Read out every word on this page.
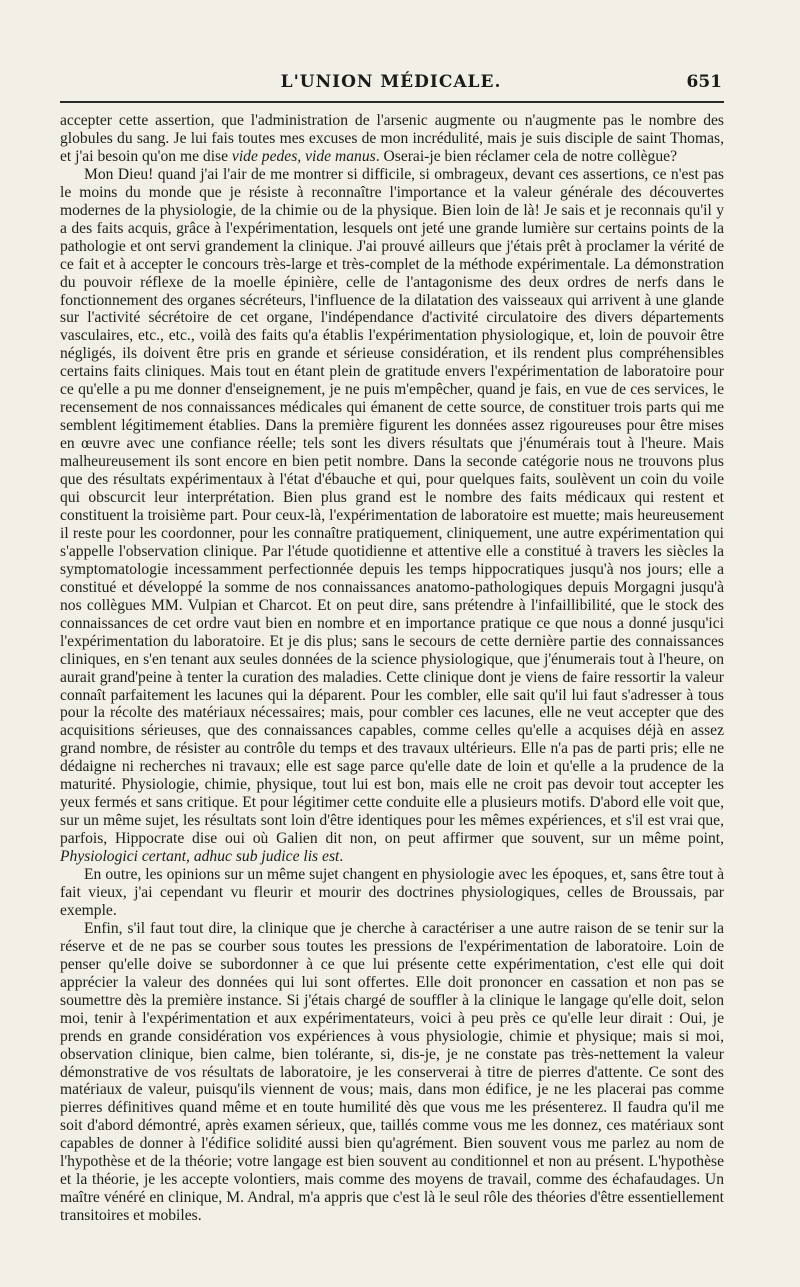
L'UNION MÉDICALE.	651

accepter cette assertion, que l'administration de l'arsenic augmente ou n'augmente pas le nombre des globules du sang. Je lui fais toutes mes excuses de mon incrédulité, mais je suis disciple de saint Thomas, et j'ai besoin qu'on me dise vide pedes, vide manus. Oserai-je bien réclamer cela de notre collègue?

Mon Dieu! quand j'ai l'air de me montrer si difficile, si ombrageux, devant ces assertions, ce n'est pas le moins du monde que je résiste à reconnaître l'importance et la valeur générale des découvertes modernes de la physiologie, de la chimie ou de la physique. Bien loin de là! Je sais et je reconnais qu'il y a des faits acquis, grâce à l'expérimentation, lesquels ont jeté une grande lumière sur certains points de la pathologie et ont servi grandement la clinique. J'ai prouvé ailleurs que j'étais prêt à proclamer la vérité de ce fait et à accepter le concours très-large et très-complet de la méthode expérimentale. La démonstration du pouvoir réflexe de la moelle épinière, celle de l'antagonisme des deux ordres de nerfs dans le fonctionnement des organes sécréteurs, l'influence de la dilatation des vaisseaux qui arrivent à une glande sur l'activité sécrétoire de cet organe, l'indépendance d'activité circulatoire des divers départements vasculaires, etc., etc., voilà des faits qu'a établis l'expérimentation physiologique, et, loin de pouvoir être négligés, ils doivent être pris en grande et sérieuse considération, et ils rendent plus compréhensibles certains faits cliniques. Mais tout en étant plein de gratitude envers l'expérimentation de laboratoire pour ce qu'elle a pu me donner d'enseignement, je ne puis m'empêcher, quand je fais, en vue de ces services, le recensement de nos connaissances médicales qui émanent de cette source, de constituer trois parts qui me semblent légitimement établies. Dans la première figurent les données assez rigoureuses pour être mises en œuvre avec une confiance réelle; tels sont les divers résultats que j'énumérais tout à l'heure. Mais malheureusement ils sont encore en bien petit nombre. Dans la seconde catégorie nous ne trouvons plus que des résultats expérimentaux à l'état d'ébauche et qui, pour quelques faits, soulèvent un coin du voile qui obscurcit leur interprétation. Bien plus grand est le nombre des faits médicaux qui restent et constituent la troisième part. Pour ceux-là, l'expérimentation de laboratoire est muette; mais heureusement il reste pour les coordonner, pour les connaître pratiquement, cliniquement, une autre expérimentation qui s'appelle l'observation clinique. Par l'étude quotidienne et attentive elle a constitué à travers les siècles la symptomatologie incessamment perfectionnée depuis les temps hippocratiques jusqu'à nos jours; elle a constitué et développé la somme de nos connaissances anatomo-pathologiques depuis Morgagni jusqu'à nos collègues MM. Vulpian et Charcot. Et on peut dire, sans prétendre à l'infaillibilité, que le stock des connaissances de cet ordre vaut bien en nombre et en importance pratique ce que nous a donné jusqu'ici l'expérimentation du laboratoire. Et je dis plus; sans le secours de cette dernière partie des connaissances cliniques, en s'en tenant aux seules données de la science physiologique, que j'énumerais tout à l'heure, on aurait grand'peine à tenter la curation des maladies. Cette clinique dont je viens de faire ressortir la valeur connaît parfaitement les lacunes qui la déparent. Pour les combler, elle sait qu'il lui faut s'adresser à tous pour la récolte des matériaux nécessaires; mais, pour combler ces lacunes, elle ne veut accepter que des acquisitions sérieuses, que des connaissances capables, comme celles qu'elle a acquises déjà en assez grand nombre, de résister au contrôle du temps et des travaux ultérieurs. Elle n'a pas de parti pris; elle ne dédaigne ni recherches ni travaux; elle est sage parce qu'elle date de loin et qu'elle a la prudence de la maturité. Physiologie, chimie, physique, tout lui est bon, mais elle ne croit pas devoir tout accepter les yeux fermés et sans critique. Et pour légitimer cette conduite elle a plusieurs motifs. D'abord elle voit que, sur un même sujet, les résultats sont loin d'être identiques pour les mêmes expériences, et s'il est vrai que, parfois, Hippocrate dise oui où Galien dit non, on peut affirmer que souvent, sur un même point, Physiologici certant, adhuc sub judice lis est.

En outre, les opinions sur un même sujet changent en physiologie avec les époques, et, sans être tout à fait vieux, j'ai cependant vu fleurir et mourir des doctrines physiologiques, celles de Broussais, par exemple.

Enfin, s'il faut tout dire, la clinique que je cherche à caractériser a une autre raison de se tenir sur la réserve et de ne pas se courber sous toutes les pressions de l'expérimentation de laboratoire. Loin de penser qu'elle doive se subordonner à ce que lui présente cette expérimentation, c'est elle qui doit apprécier la valeur des données qui lui sont offertes. Elle doit prononcer en cassation et non pas se soumettre dès la première instance. Si j'étais chargé de souffler à la clinique le langage qu'elle doit, selon moi, tenir à l'expérimentation et aux expérimentateurs, voici à peu près ce qu'elle leur dirait : Oui, je prends en grande considération vos expériences à vous physiologie, chimie et physique; mais si moi, observation clinique, bien calme, bien tolérante, si, dis-je, je ne constate pas très-nettement la valeur démonstrative de vos résultats de laboratoire, je les conserverai à titre de pierres d'attente. Ce sont des matériaux de valeur, puisqu'ils viennent de vous; mais, dans mon édifice, je ne les placerai pas comme pierres définitives quand même et en toute humilité dès que vous me les présenterez. Il faudra qu'il me soit d'abord démontré, après examen sérieux, que, taillés comme vous me les donnez, ces matériaux sont capables de donner à l'édifice solidité aussi bien qu'agrément. Bien souvent vous me parlez au nom de l'hypothèse et de la théorie; votre langage est bien souvent au conditionnel et non au présent. L'hypothèse et la théorie, je les accepte volontiers, mais comme des moyens de travail, comme des échafaudages. Un maître vénéré en clinique, M. Andral, m'a appris que c'est là le seul rôle des théories d'être essentiellement transitoires et mobiles.
